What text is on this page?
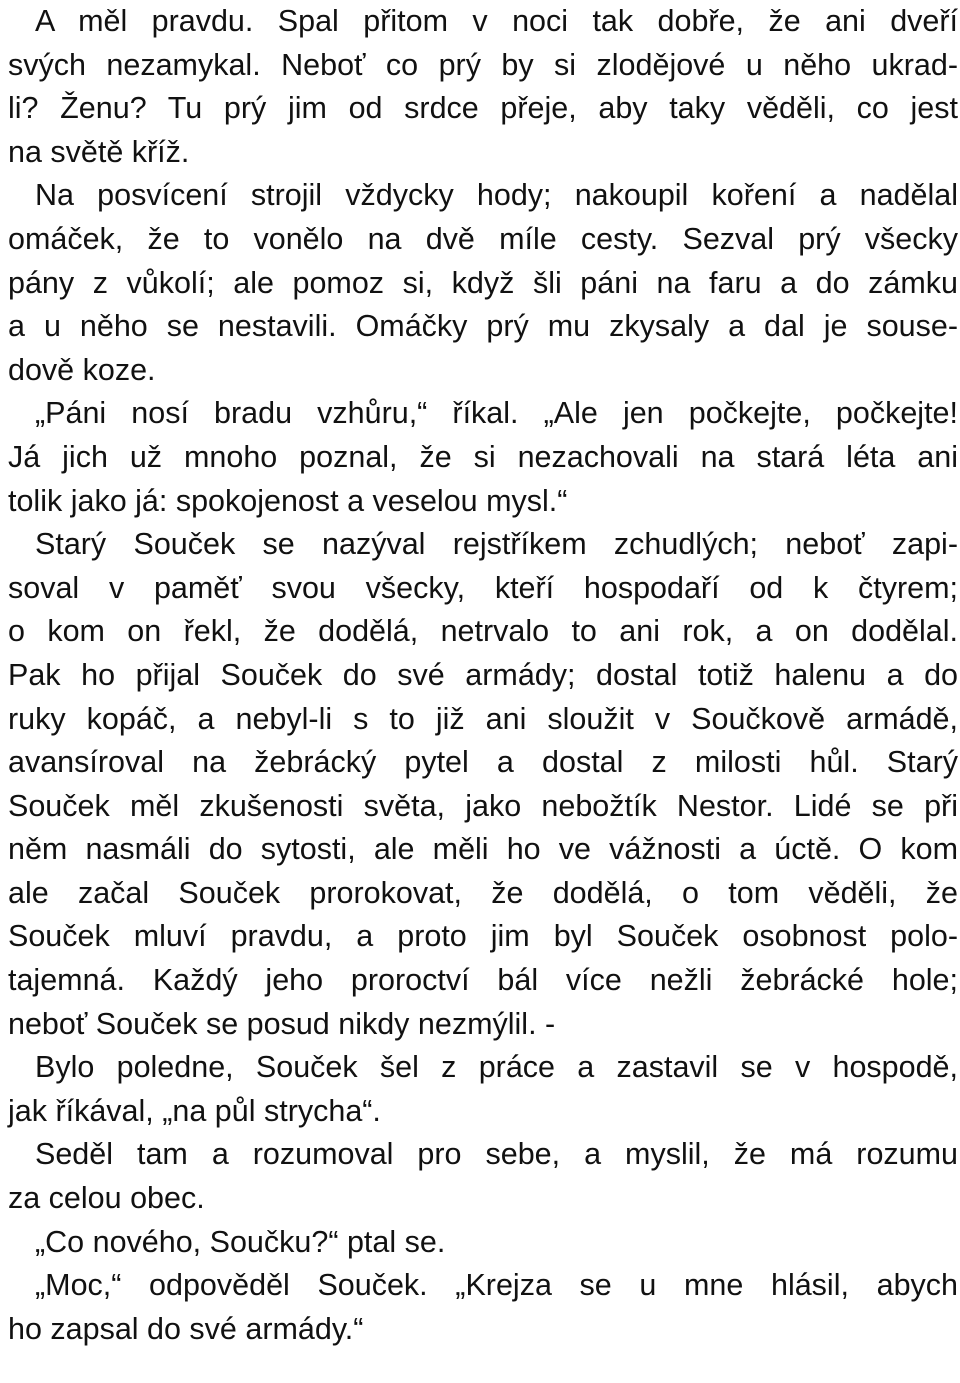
A měl pravdu. Spal přitom v noci tak dobře, že ani dveří
svých nezamykal. Neboť co prý by si zlodějové u něho ukrad-
li? Ženu? Tu prý jim od srdce přeje, aby taky věděli, co jest
na světě kříž.
Na posvícení strojil vždycky hody; nakoupil koření a nadělal
omáček, že to vonělo na dvě míle cesty. Sezval prý všecky
pány z vůkolí; ale pomoz si, když šli páni na faru a do zámku
a u něho se nestavili. Omáčky prý mu zkysaly a dal je souse-
dově koze.
„Páni nosí bradu vzhůru,“ říkal. „Ale jen počkejte, počkejte!
Já jich už mnoho poznal, že si nezachovali na stará léta ani
tolik jako já: spokojenost a veselou mysl.“
Starý Souček se nazýval rejstříkem zchudlých; neboť zapi-
soval v paměť svou všecky, kteří hospodaří od k čtyrem;
o kom on řekl, že dodělá, netrvalo to ani rok, a on dodělal.
Pak ho přijal Souček do své armády; dostal totiž halenu a do
ruky kopáč, a nebyl-li s to již ani sloužit v Součkově armádě,
avansíroval na žebrácký pytel a dostal z milosti hůl. Starý
Souček měl zkušenosti světa, jako nebožtík Nestor. Lidé se při
něm nasmáli do sytosti, ale měli ho ve vážnosti a úctě. O kom
ale začal Souček prorokovat, že dodělá, o tom věděli, že
Souček mluví pravdu, a proto jim byl Souček osobnost polo-
tajemná. Každý jeho proroctví bál více nežli žebrácké hole;
neboť Souček se posud nikdy nezmýlil. -
Bylo poledne, Souček šel z práce a zastavil se v hospodě,
jak říkával, „na půl strycha“.
Seděl tam a rozumoval pro sebe, a myslil, že má rozumu
za celou obec.
„Co nového, Součku?“ ptal se.
„Moc,“ odpověděl Souček. „Krejza se u mne hlásil, abych
ho zapsal do své armády.“
